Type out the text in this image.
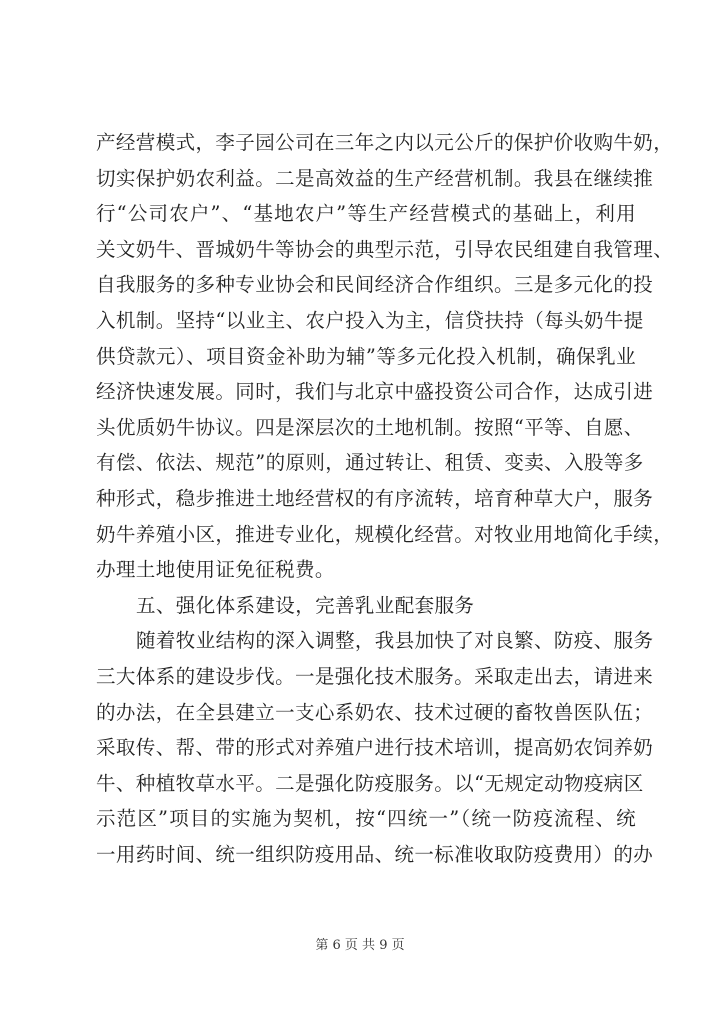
产经营模式，李子园公司在三年之内以元公斤的保护价收购牛奶，
切实保护奶农利益。二是高效益的生产经营机制。我县在继续推
行“公司农户”、“基地农户”等生产经营模式的基础上，利用
关文奶牛、晋城奶牛等协会的典型示范，引导农民组建自我管理、
自我服务的多种专业协会和民间经济合作组织。三是多元化的投
入机制。坚持“以业主、农户投入为主，信贷扶持（每头奶牛提
供贷款元）、项目资金补助为辅”等多元化投入机制，确保乳业
经济快速发展。同时，我们与北京中盛投资公司合作，达成引进
头优质奶牛协议。四是深层次的土地机制。按照“平等、自愿、
有偿、依法、规范”的原则，通过转让、租赁、变卖、入股等多
种形式，稳步推进土地经营权的有序流转，培育种草大户，服务
奶牛养殖小区，推进专业化，规模化经营。对牧业用地简化手续，
办理土地使用证免征税费。
五、强化体系建设，完善乳业配套服务
随着牧业结构的深入调整，我县加快了对良繁、防疫、服务
三大体系的建设步伐。一是强化技术服务。采取走出去，请进来
的办法，在全县建立一支心系奶农、技术过硬的畜牧兽医队伍；
采取传、帮、带的形式对养殖户进行技术培训，提高奶农饲养奶
牛、种植牧草水平。二是强化防疫服务。以“无规定动物疫病区
示范区”项目的实施为契机，按“四统一”（统一防疫流程、统
一用药时间、统一组织防疫用品、统一标准收取防疫费用）的办
第 6 页 共 9 页
